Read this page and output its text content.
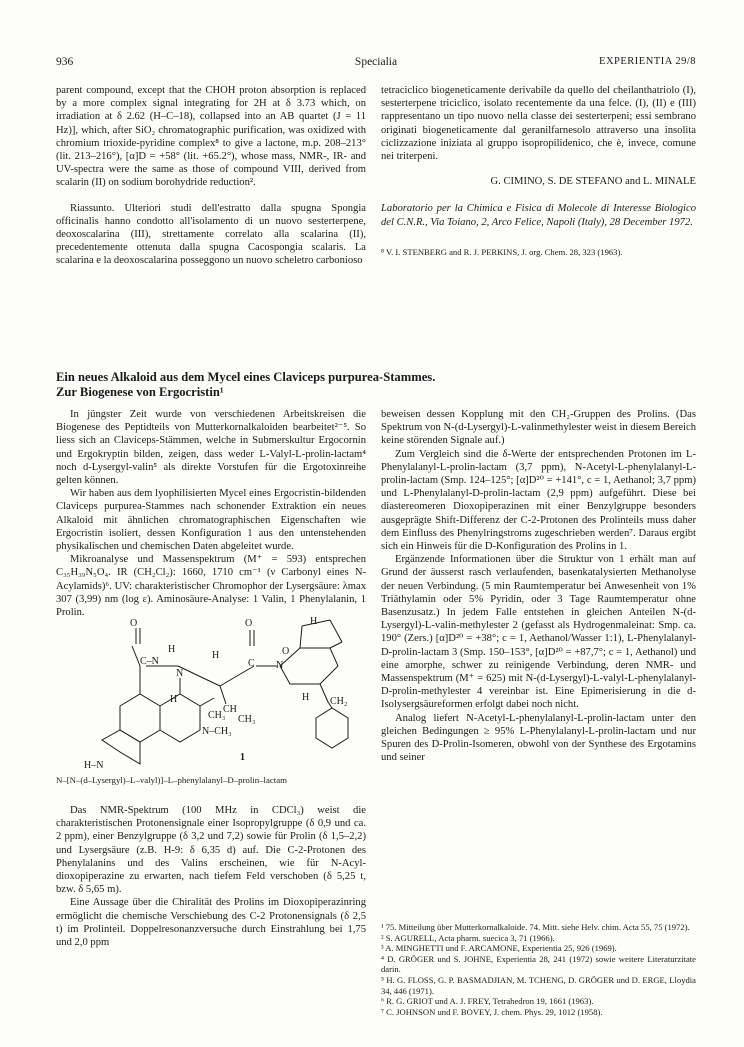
936	Specialia	EXPERIENTIA 29/8

parent compound, except that the CHOH proton absorption is replaced by a more complex signal integrating for 2H at δ 3.73 which, on irradiation at δ 2.62 (H–C–18), collapsed into an AB quartet (J = 11 Hz)], which, after SiO₂ chromatographic purification, was oxidized with chromium trioxide-pyridine complex⁸ to give a lactone, m.p. 208–213° (lit. 213–216°), [α]D = +58° (lit. +65.2°), whose mass, NMR-, IR- and UV-spectra were the same as those of compound VIII, derived from scalarin (II) on sodium borohydride reduction².

Riassunto. Ulteriori studi dell'estratto dalla spugna Spongia officinalis hanno condotto all'isolamento di un nuovo sesterterpene, deoxoscalarina (III), strettamente correlato alla scalarina (II), precedentemente ottenuta dalla spugna Cacospongia scalaris. La scalarina e la deoxoscalarina posseggono un nuovo scheletro carbonioso

tetraciclico biogeneticamente derivabile da quello del cheilanthatriolo (I), sesterterpene triciclico, isolato recentemente da una felce. (I), (II) e (III) rappresentano un tipo nuovo nella classe dei sesterterpeni; essi sembrano originati biogeneticamente dal geranilfarnesolo attraverso una insolita ciclizzazione iniziata al gruppo isopropilidenico, che è, invece, comune nei triterpeni.

G. CIMINO, S. DE STEFANO and L. MINALE

Laboratorio per la Chimica e Fisica di Molecole di Interesse Biologico del C.N.R., Via Toiano, 2, Arco Felice, Napoli (Italy), 28 December 1972.

⁸ V. I. STENBERG and R. J. PERKINS, J. org. Chem. 28, 323 (1963).

Ein neues Alkaloid aus dem Mycel eines Claviceps purpurea-Stammes.
Zur Biogenese von Ergocristin¹

In jüngster Zeit wurde von verschiedenen Arbeitskreisen die Biogenese des Peptidteils von Mutterkornalkaloiden bearbeitet²⁻⁵. So liess sich an Claviceps-Stämmen, welche in Submerskultur Ergocornin und Ergokryptin bilden, zeigen, dass weder L-Valyl-L-prolin-lactam⁴ noch d-Lysergyl-valin⁵ als direkte Vorstufen für die Ergotoxinreihe gelten können.

Wir haben aus dem lyophilisierten Mycel eines Ergocristin-bildenden Claviceps purpurea-Stammes nach schonender Extraktion ein neues Alkaloid mit ähnlichen chromatographischen Eigenschaften wie Ergocristin isoliert, dessen Konfiguration 1 aus den untenstehenden physikalischen und chemischen Daten abgeleitet wurde.

Mikroanalyse und Massenspektrum (M⁺ = 593) entsprechen C₃₅H₃₉N₅O₄. IR (CH₂Cl₂): 1660, 1710 cm⁻¹ (ν Carbonyl eines N-Acylamids)⁶. UV: charakteristischer Chromophor der Lysergsäure: λmax 307 (3,99) nm (log ε). Aminosäure-Analyse: 1 Valin, 1 Phenylalanin, 1 Prolin.

O
C–N
H
N
O
C N
H
H
H
CH₃
CH
CH₃
N–CH₃
H–N
CH₂
O
H
1
N–[N–(d–Lysergyl)–L–valyl)]–L–phenylalanyl–D–prolin–lactam

Das NMR-Spektrum (100 MHz in CDCl₃) weist die charakteristischen Protonensignale einer Isopropylgruppe (δ 0,9 und ca. 2 ppm), einer Benzylgruppe (δ 3,2 und 7,2) sowie für Prolin (δ 1,5–2,2) und Lysergsäure (z.B. H-9: δ 6,35 d) auf. Die C-2-Protonen des Phenylalanins und des Valins erscheinen, wie für N-Acyl-dioxopiperazine zu erwarten, nach tiefem Feld verschoben (δ 5,25 t, bzw. δ 5,65 m).

Eine Aussage über die Chiralität des Prolins im Dioxopiperazinring ermöglicht die chemische Verschiebung des C-2 Protonensignals (δ 2,5 t) im Prolinteil. Doppelresonanzversuche durch Einstrahlung bei 1,75 und 2,0 ppm

beweisen dessen Kopplung mit den CH₂-Gruppen des Prolins. (Das Spektrum von N-(d-Lysergyl)-L-valinmethylester weist in diesem Bereich keine störenden Signale auf.)

Zum Vergleich sind die δ-Werte der entsprechenden Protonen im L-Phenylalanyl-L-prolin-lactam (3,7 ppm), N-Acetyl-L-phenylalanyl-L-prolin-lactam (Smp. 124–125°; [α]D²⁰ = +141°, c = 1, Aethanol; 3,7 ppm) und L-Phenylalanyl-D-prolin-lactam (2,9 ppm) aufgeführt. Diese bei diastereomeren Dioxopiperazinen mit einer Benzylgruppe besonders ausgeprägte Shift-Differenz der C-2-Protonen des Prolinteils muss daher dem Einfluss des Phenylringstroms zugeschrieben werden⁷. Daraus ergibt sich ein Hinweis für die D-Konfiguration des Prolins in 1.

Ergänzende Informationen über die Struktur von 1 erhält man auf Grund der äusserst rasch verlaufenden, basenkatalysierten Methanolyse der neuen Verbindung. (5 min Raumtemperatur bei Anwesenheit von 1% Triäthylamin oder 5% Pyridin, oder 3 Tage Raumtemperatur ohne Basenzusatz.) In jedem Falle entstehen in gleichen Anteilen N-(d-Lysergyl)-L-valin-methylester 2 (gefasst als Hydrogenmaleinat: Smp. ca. 190° (Zers.) [α]D²⁰ = +38°; c = 1, Aethanol/Wasser 1:1), L-Phenylalanyl-D-prolin-lactam 3 (Smp. 150–153°, [α]D²⁰ = +87,7°; c = 1, Aethanol) und eine amorphe, schwer zu reinigende Verbindung, deren NMR- und Massenspektrum (M⁺ = 625) mit N-(d-Lysergyl)-L-valyl-L-phenylalanyl-D-prolin-methylester 4 vereinbar ist. Eine Epimerisierung in die d-Isolysergsäureformen erfolgt dabei noch nicht.

Analog liefert N-Acetyl-L-phenylalanyl-L-prolin-lactam unter den gleichen Bedingungen ≥ 95% L-Phenylalanyl-L-prolin-lactam und nur Spuren des D-Prolin-Isomeren, obwohl von der Synthese des Ergotamins und seiner

¹ 75. Mitteilung über Mutterkornalkaloide. 74. Mitt. siehe Helv. chim. Acta 55, 75 (1972).
² S. AGURELL, Acta pharm. suecica 3, 71 (1966).
³ A. MINGHETTI und F. ARCAMONE, Experientia 25, 926 (1969).
⁴ D. GRÖGER und S. JOHNE, Experientia 28, 241 (1972) sowie weitere Literaturzitate darin.
⁵ H. G. FLOSS, G. P. BASMADJIAN, M. TCHENG, D. GRÖGER und D. ERGE, Lloydia 34, 446 (1971).
⁶ R. G. GRIOT und A. J. FREY, Tetrahedron 19, 1661 (1963).
⁷ C. JOHNSON und F. BOVEY, J. chem. Phys. 29, 1012 (1958).
